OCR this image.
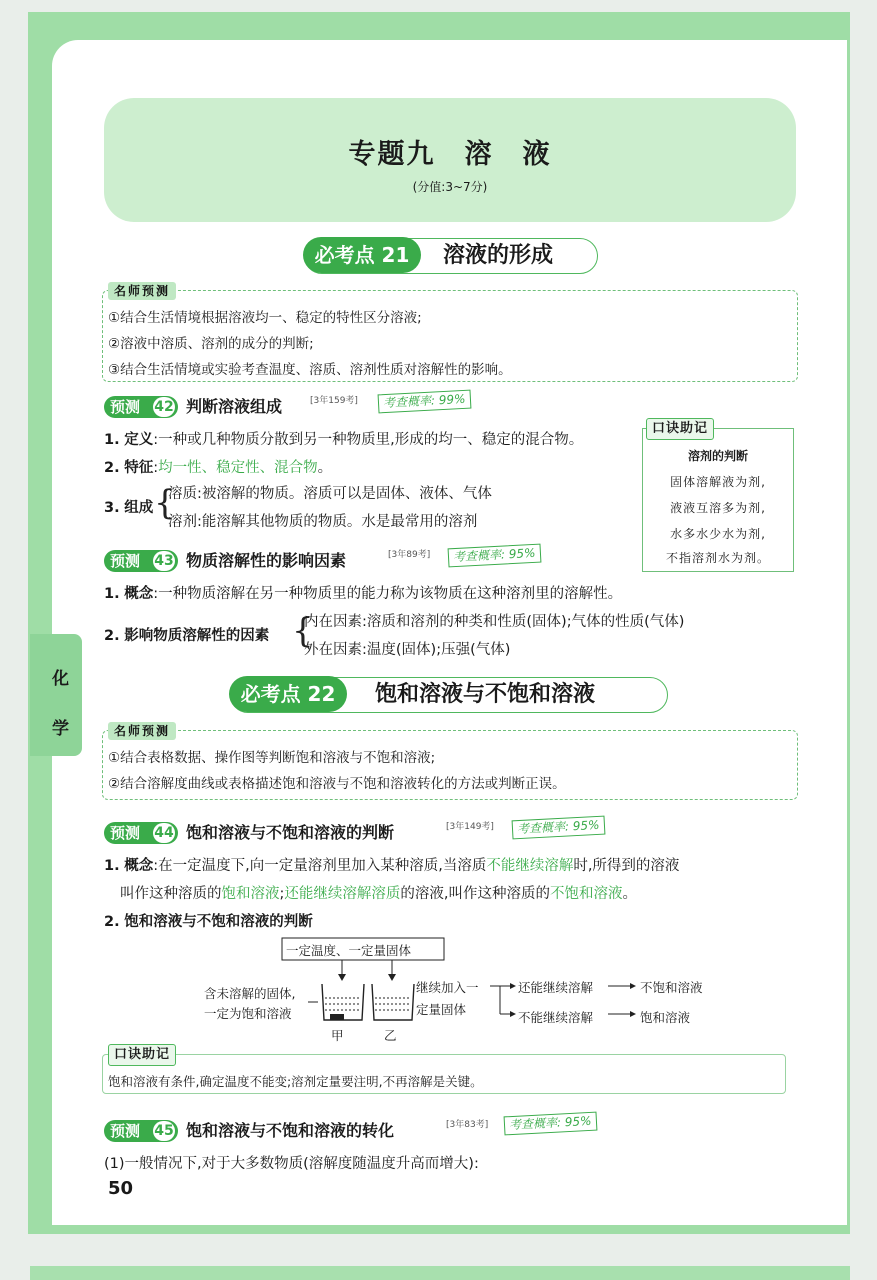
化
学
专题九　溶　液
(分值:3~7分)
必考点 21	溶液的形成
名师预测
①结合生活情境根据溶液均一、稳定的特性区分溶液;
②溶液中溶质、溶剂的成分的判断;
③结合生活情境或实验考查温度、溶质、溶剂性质对溶解性的影响。
预测 42 判断溶液组成	[3年159考]	考查概率: 99%
1. 定义:一种或几种物质分散到另一种物质里,形成的均一、稳定的混合物。
2. 特征:均一性、稳定性、混合物。
3. 组成 {
溶质:被溶解的物质。溶质可以是固体、液体、气体
溶剂:能溶解其他物质的物质。水是最常用的溶剂
溶剂的判断
固体溶解液为剂,
液液互溶多为剂,
水多水少水为剂,
不指溶剂水为剂。
口诀助记
预测 43 物质溶解性的影响因素	[3年89考]	考查概率: 95%
1. 概念:一种物质溶解在另一种物质里的能力称为该物质在这种溶剂里的溶解性。
2. 影响物质溶解性的因素 {
内在因素:溶质和溶剂的种类和性质(固体);气体的性质(气体)
外在因素:温度(固体);压强(气体)
必考点 22	饱和溶液与不饱和溶液
名师预测
①结合表格数据、操作图等判断饱和溶液与不饱和溶液;
②结合溶解度曲线或表格描述饱和溶液与不饱和溶液转化的方法或判断正误。
预测 44 饱和溶液与不饱和溶液的判断	[3年149考]	考查概率: 95%
1. 概念:在一定温度下,向一定量溶剂里加入某种溶质,当溶质不能继续溶解时,所得到的溶液
叫作这种溶质的饱和溶液;还能继续溶解溶质的溶液,叫作这种溶质的不饱和溶液。
2. 饱和溶液与不饱和溶液的判断
一定温度、一定量固体
含未溶解的固体,
一定为饱和溶液
甲	乙
继续加入一
定量固体
还能继续溶解	不饱和溶液
不能继续溶解	饱和溶液
口诀助记
饱和溶液有条件,确定温度不能变;溶剂定量要注明,不再溶解是关键。
预测 45 饱和溶液与不饱和溶液的转化	[3年83考]	考查概率: 95%
(1)一般情况下,对于大多数物质(溶解度随温度升高而增大):
50
